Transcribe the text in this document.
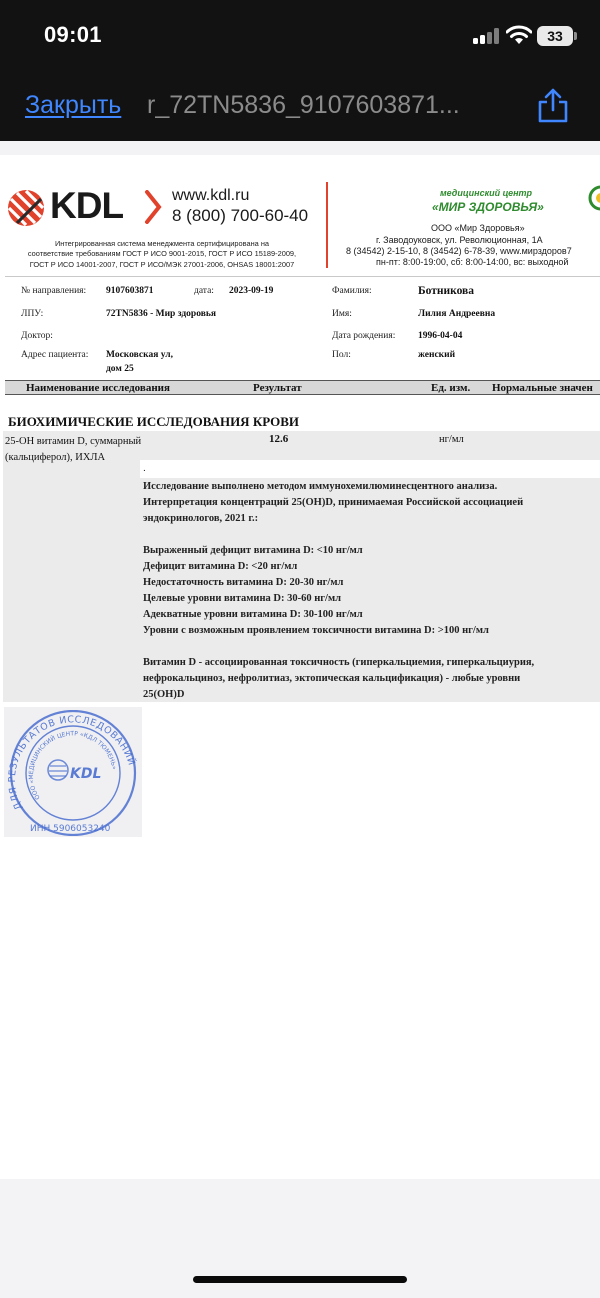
09:01	33
Закрыть r_72TN5836_9107603871...
KDL	www.kdl.ru
8 (800) 700-60-40
Интегрированная система менеджмента сертифицирована на
соответствие требованиям ГОСТ Р ИСО 9001-2015, ГОСТ Р ИСО 15189-2009,
ГОСТ Р ИСО 14001-2007, ГОСТ Р ИСО/МЭК 27001-2006, OHSAS 18001:2007
медицинский центр
«МИР ЗДОРОВЬЯ»
ООО «Мир Здоровья»
г. Заводоуковск, ул. Революционная, 1А
8 (34542) 2-15-10, 8 (34542) 6-78-39, www.мирздоров7
пн-пт: 8:00-19:00, сб: 8:00-14:00, вс: выходной
№ направления: 9107603871	дата: 2023-09-19	Фамилия:	Ботникова
ЛПУ:	72TN5836 - Мир здоровья	Имя:	Лилия Андреевна
Доктор:	Дата рождения: 1996-04-04
Адрес пациента: Московская ул,
дом 25
Пол:	женский
Наименование исследования	Результат	Ед. изм. Нормальные значен
БИОХИМИЧЕСКИЕ ИССЛЕДОВАНИЯ КРОВИ
25-ОН витамин D, суммарный
(кальциферол), ИХЛА
12.6	нг/мл
.
Исследование выполнено методом иммунохемилюминесцентного анализа.
Интерпретация концентраций 25(OH)D, принимаемая Российской ассоциацией
эндокринологов, 2021 г.:
Выраженный дефицит витамина D: <10 нг/мл
Дефицит витамина D: <20 нг/мл
Недостаточность витамина D: 20-30 нг/мл
Целевые уровни витамина D: 30-60 нг/мл
Адекватные уровни витамина D: 30-100 нг/мл
Уровни с возможным проявлением токсичности витамина D: >100 нг/мл
Витамин D - ассоциированная токсичность (гиперкальциемия, гиперкальциурия,
нефрокальциноз, нефролитиаз, эктопическая кальцификация) - любые уровни
25(OH)D
ДЛЯ РЕЗУЛЬТАТОВ ИССЛЕДОВАНИЙ
ООО «МЕДИЦИНСКИЙ ЦЕНТР «КДЛ ТЮМЕНЬ»
KDL
ИНН 5906053240
